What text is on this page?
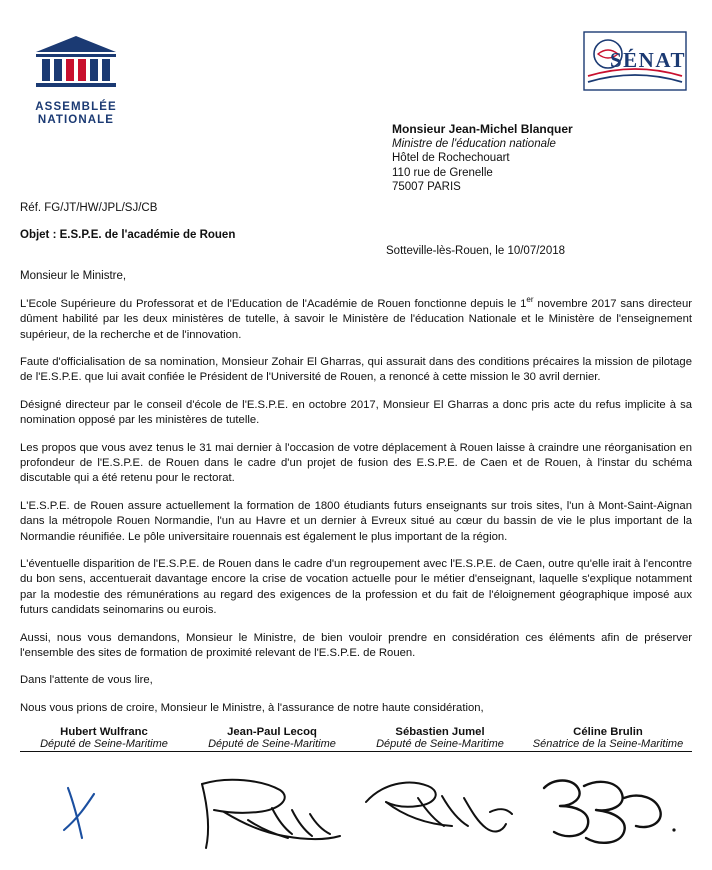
ASSEMBLÉE
NATIONALE
SÉNAT
Monsieur Jean-Michel Blanquer
Ministre de l'éducation nationale
Hôtel de Rochechouart
110 rue de Grenelle
75007 PARIS
Réf. FG/JT/HW/JPL/SJ/CB
Objet : E.S.P.E. de l'académie de Rouen
Sotteville-lès-Rouen, le 10/07/2018
Monsieur le Ministre,

L'Ecole Supérieure du Professorat et de l'Education de l'Académie de Rouen fonctionne depuis le 1er novembre 2017 sans directeur dûment habilité par les deux ministères de tutelle, à savoir le Ministère de l'éducation Nationale et le Ministère de l'enseignement supérieur, de la recherche et de l'innovation.

Faute d'officialisation de sa nomination, Monsieur Zohair El Gharras, qui assurait dans des conditions précaires la mission de pilotage de l'E.S.P.E. que lui avait confiée le Président de l'Université de Rouen, a renoncé à cette mission le 30 avril dernier.

Désigné directeur par le conseil d'école de l'E.S.P.E. en octobre 2017, Monsieur El Gharras a donc pris acte du refus implicite à sa nomination opposé par les ministères de tutelle.

Les propos que vous avez tenus le 31 mai dernier à l'occasion de votre déplacement à Rouen laisse à craindre une réorganisation en profondeur de l'E.S.P.E. de Rouen dans le cadre d'un projet de fusion des E.S.P.E. de Caen et de Rouen, à l'instar du schéma discutable qui a été retenu pour le rectorat.

L'E.S.P.E. de Rouen assure actuellement la formation de 1800 étudiants futurs enseignants sur trois sites, l'un à Mont-Saint-Aignan dans la métropole Rouen Normandie, l'un au Havre et un dernier à Evreux situé au cœur du bassin de vie le plus important de la Normandie réunifiée. Le pôle universitaire rouennais est également le plus important de la région.

L'éventuelle disparition de l'E.S.P.E. de Rouen dans le cadre d'un regroupement avec l'E.S.P.E. de Caen, outre qu'elle irait à l'encontre du bon sens, accentuerait davantage encore la crise de vocation actuelle pour le métier d'enseignant, laquelle s'explique notamment par la modestie des rémunérations au regard des exigences de la profession et du fait de l'éloignement géographique imposé aux futurs candidats seinomarins ou eurois.

Aussi, nous vous demandons, Monsieur le Ministre, de bien vouloir prendre en considération ces éléments afin de préserver l'ensemble des sites de formation de proximité relevant de l'E.S.P.E. de Rouen.

Dans l'attente de vous lire,

Nous vous prions de croire, Monsieur le Ministre, à l'assurance de notre haute considération,

Hubert Wulfranc
Député de Seine-Maritime
Jean-Paul Lecoq
Député de Seine-Maritime
Sébastien Jumel
Député de Seine-Maritime
Céline Brulin
Sénatrice de la Seine-Maritime
